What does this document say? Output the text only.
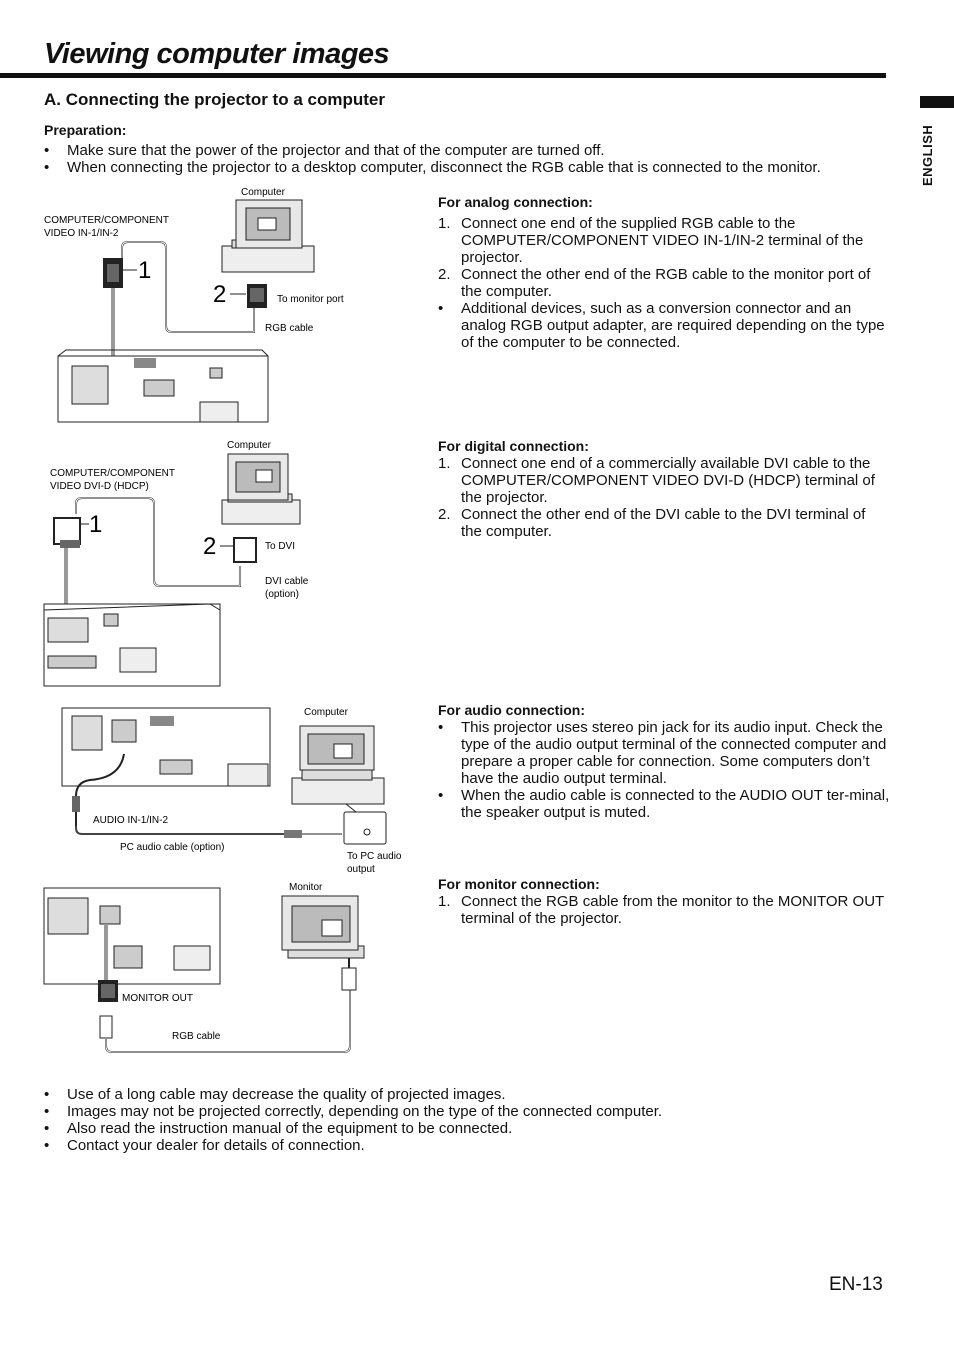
Viewing computer images
ENGLISH
A. Connecting the projector to a computer
Preparation:
• Make sure that the power of the projector and that of the computer are turned off.
• When connecting the projector to a desktop computer, disconnect the RGB cable that is connected to the monitor.
Computer
COMPUTER/COMPONENT
VIDEO IN-1/IN-2
1
2	To monitor port
RGB cable
For analog connection:
1. Connect one end of the supplied RGB cable to the COMPUTER/COMPONENT VIDEO IN-1/IN-2 terminal of the projector.
2. Connect the other end of the RGB cable to the monitor port of the computer.
• Additional devices, such as a conversion connector and an analog RGB output adapter, are required depending on the type of the computer to be connected.
Computer
COMPUTER/COMPONENT
VIDEO DVI-D (HDCP)
1
2	To DVI
DVI cable
(option)
For digital connection:
1. Connect one end of a commercially available DVI cable to the COMPUTER/COMPONENT VIDEO DVI-D (HDCP) terminal of the projector.
2. Connect the other end of the DVI cable to the DVI terminal of the computer.
Computer
AUDIO IN-1/IN-2
PC audio cable (option)
To PC audio
output
For audio connection:
• This projector uses stereo pin jack for its audio input. Check the type of the audio output terminal of the connected computer and prepare a proper cable for connection. Some computers don’t have the audio output terminal.
• When the audio cable is connected to the AUDIO OUT ter-minal, the speaker output is muted.
Monitor
MONITOR OUT
RGB cable
For monitor connection:
1. Connect the RGB cable from the monitor to the MONITOR OUT terminal of the projector.
• Use of a long cable may decrease the quality of projected images.
• Images may not be projected correctly, depending on the type of the connected computer.
• Also read the instruction manual of the equipment to be connected.
• Contact your dealer for details of connection.
EN-13
